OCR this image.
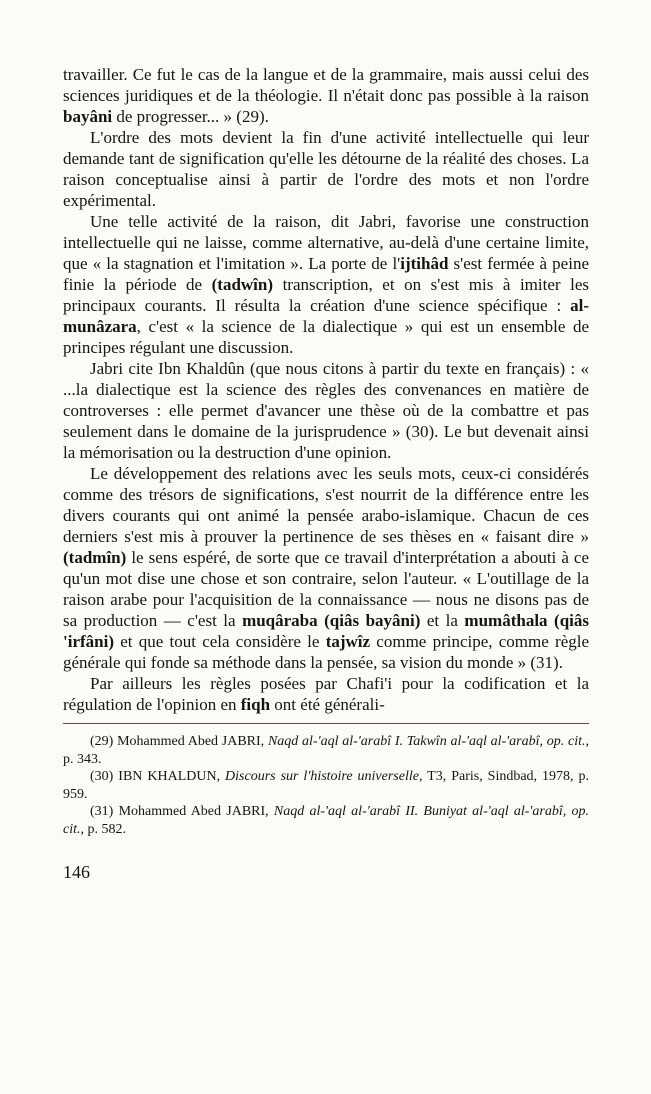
travailler. Ce fut le cas de la langue et de la grammaire, mais aussi celui des sciences juridiques et de la théologie. Il n'était donc pas possible à la raison bayâni de progresser... » (29).

L'ordre des mots devient la fin d'une activité intellectuelle qui leur demande tant de signification qu'elle les détourne de la réalité des choses. La raison conceptualise ainsi à partir de l'ordre des mots et non l'ordre expérimental.

Une telle activité de la raison, dit Jabri, favorise une construction intellectuelle qui ne laisse, comme alternative, au-delà d'une certaine limite, que « la stagnation et l'imitation ». La porte de l'ijtihâd s'est fermée à peine finie la période de (tadwîn) transcription, et on s'est mis à imiter les principaux courants. Il résulta la création d'une science spécifique : al-munâzara, c'est « la science de la dialectique » qui est un ensemble de principes régulant une discussion.

Jabri cite Ibn Khaldûn (que nous citons à partir du texte en français) : « ...la dialectique est la science des règles des convenances en matière de controverses : elle permet d'avancer une thèse où de la combattre et pas seulement dans le domaine de la jurisprudence » (30). Le but devenait ainsi la mémorisation ou la destruction d'une opinion.

Le développement des relations avec les seuls mots, ceux-ci considérés comme des trésors de significations, s'est nourrit de la différence entre les divers courants qui ont animé la pensée arabo-islamique. Chacun de ces derniers s'est mis à prouver la pertinence de ses thèses en « faisant dire » (tadmîn) le sens espéré, de sorte que ce travail d'interprétation a abouti à ce qu'un mot dise une chose et son contraire, selon l'auteur. « L'outillage de la raison arabe pour l'acquisition de la connaissance — nous ne disons pas de sa production — c'est la muqâraba (qiâs bayâni) et la mumâthala (qiâs 'irfâni) et que tout cela considère le tajwîz comme principe, comme règle générale qui fonde sa méthode dans la pensée, sa vision du monde » (31).

Par ailleurs les règles posées par Chafi'i pour la codification et la régulation de l'opinion en fiqh ont été générali-

(29) Mohammed Abed JABRI, Naqd al-'aql al-'arabî I. Takwîn al-'aql al-'arabî, op. cit., p. 343.

(30) IBN KHALDUN, Discours sur l'histoire universelle, T3, Paris, Sindbad, 1978, p. 959.

(31) Mohammed Abed JABRI, Naqd al-'aql al-'arabî II. Buniyat al-'aql al-'arabî, op. cit., p. 582.

146
